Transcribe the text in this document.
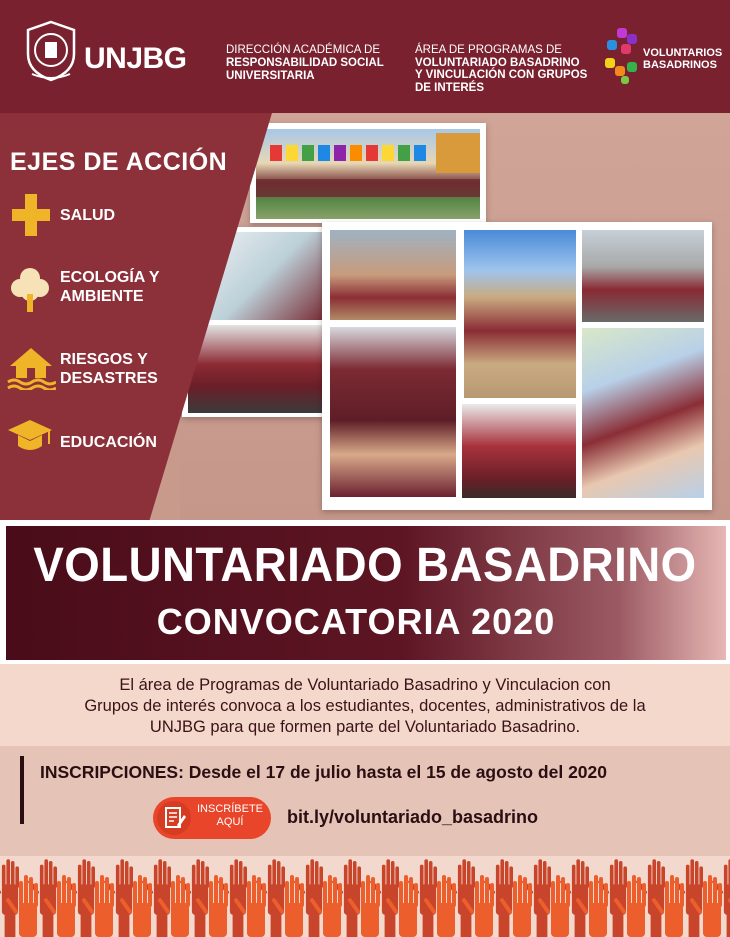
UNJBG	DIRECCIÓN ACADÉMICA DE
RESPONSABILIDAD SOCIAL
UNIVERSITARIA
ÁREA DE PROGRAMAS DE
VOLUNTARIADO BASADRINO
Y VINCULACIÓN CON GRUPOS
DE INTERÉS
VOLUNTARIOS
BASADRINOS
EJES DE ACCIÓN
SALUD
ECOLOGÍA Y
AMBIENTE
RIESGOS Y
DESASTRES
EDUCACIÓN
VOLUNTARIADO BASADRINO
CONVOCATORIA 2020
El área de Programas de Voluntariado Basadrino y Vinculacion con
Grupos de interés convoca a los estudiantes, docentes, administrativos de la
UNJBG para que formen parte del Voluntariado Basadrino.
INSCRIPCIONES: Desde el 17 de julio hasta el 15 de agosto del 2020
INSCRÍBETE
AQUÍ	bit.ly/voluntariado_basadrino
